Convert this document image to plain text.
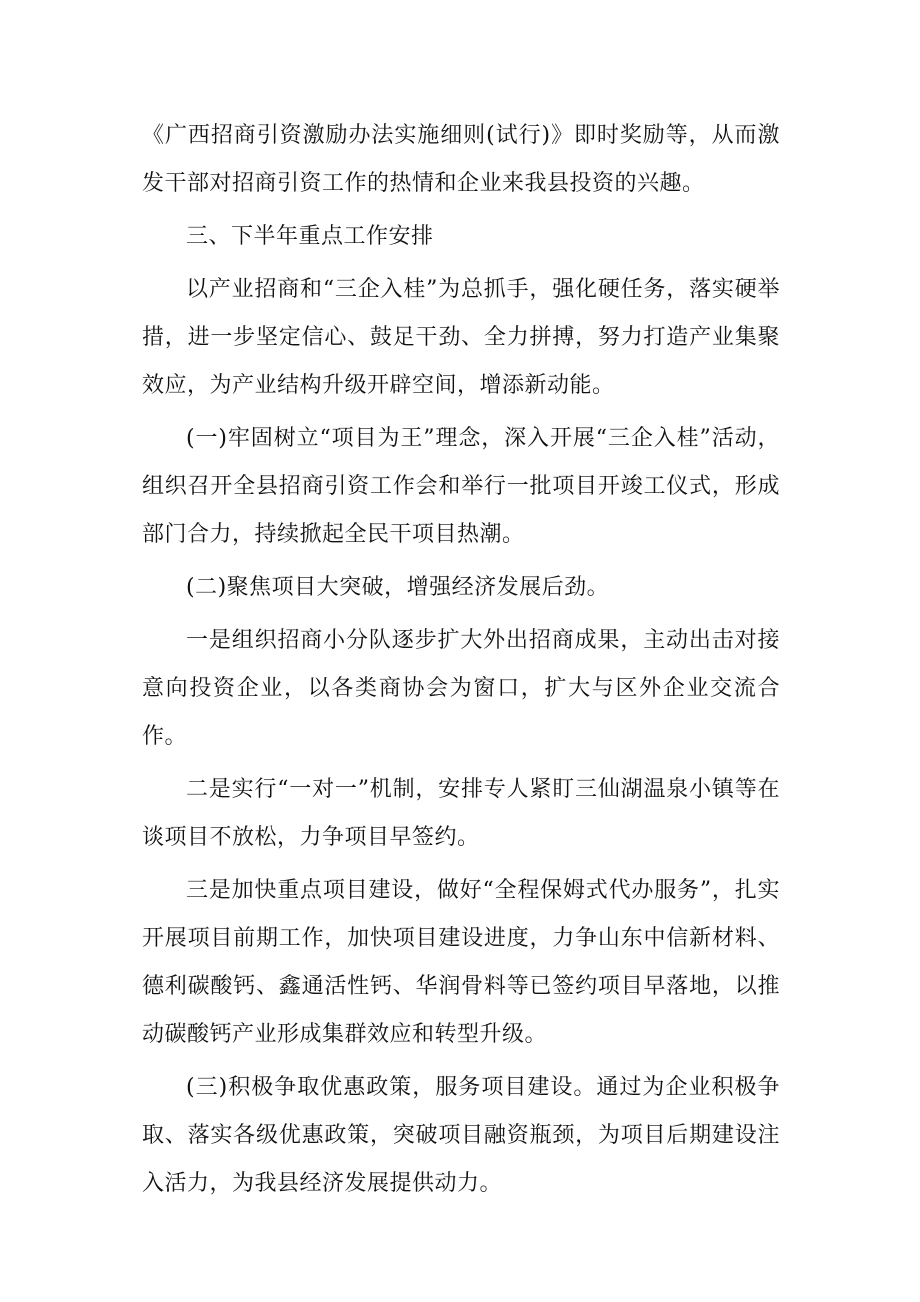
《广西招商引资激励办法实施细则(试行)》即时奖励等，从而激发干部对招商引资工作的热情和企业来我县投资的兴趣。

三、下半年重点工作安排

以产业招商和“三企入桂”为总抓手，强化硬任务，落实硬举措，进一步坚定信心、鼓足干劲、全力拼搏，努力打造产业集聚效应，为产业结构升级开辟空间，增添新动能。

(一)牢固树立“项目为王”理念，深入开展“三企入桂”活动，组织召开全县招商引资工作会和举行一批项目开竣工仪式，形成部门合力，持续掀起全民干项目热潮。

(二)聚焦项目大突破，增强经济发展后劲。

一是组织招商小分队逐步扩大外出招商成果，主动出击对接意向投资企业，以各类商协会为窗口，扩大与区外企业交流合作。

二是实行“一对一”机制，安排专人紧盯三仙湖温泉小镇等在谈项目不放松，力争项目早签约。

三是加快重点项目建设，做好“全程保姆式代办服务”，扎实开展项目前期工作，加快项目建设进度，力争山东中信新材料、德利碳酸钙、鑫通活性钙、华润骨料等已签约项目早落地，以推动碳酸钙产业形成集群效应和转型升级。

(三)积极争取优惠政策，服务项目建设。通过为企业积极争取、落实各级优惠政策，突破项目融资瓶颈，为项目后期建设注入活力，为我县经济发展提供动力。
